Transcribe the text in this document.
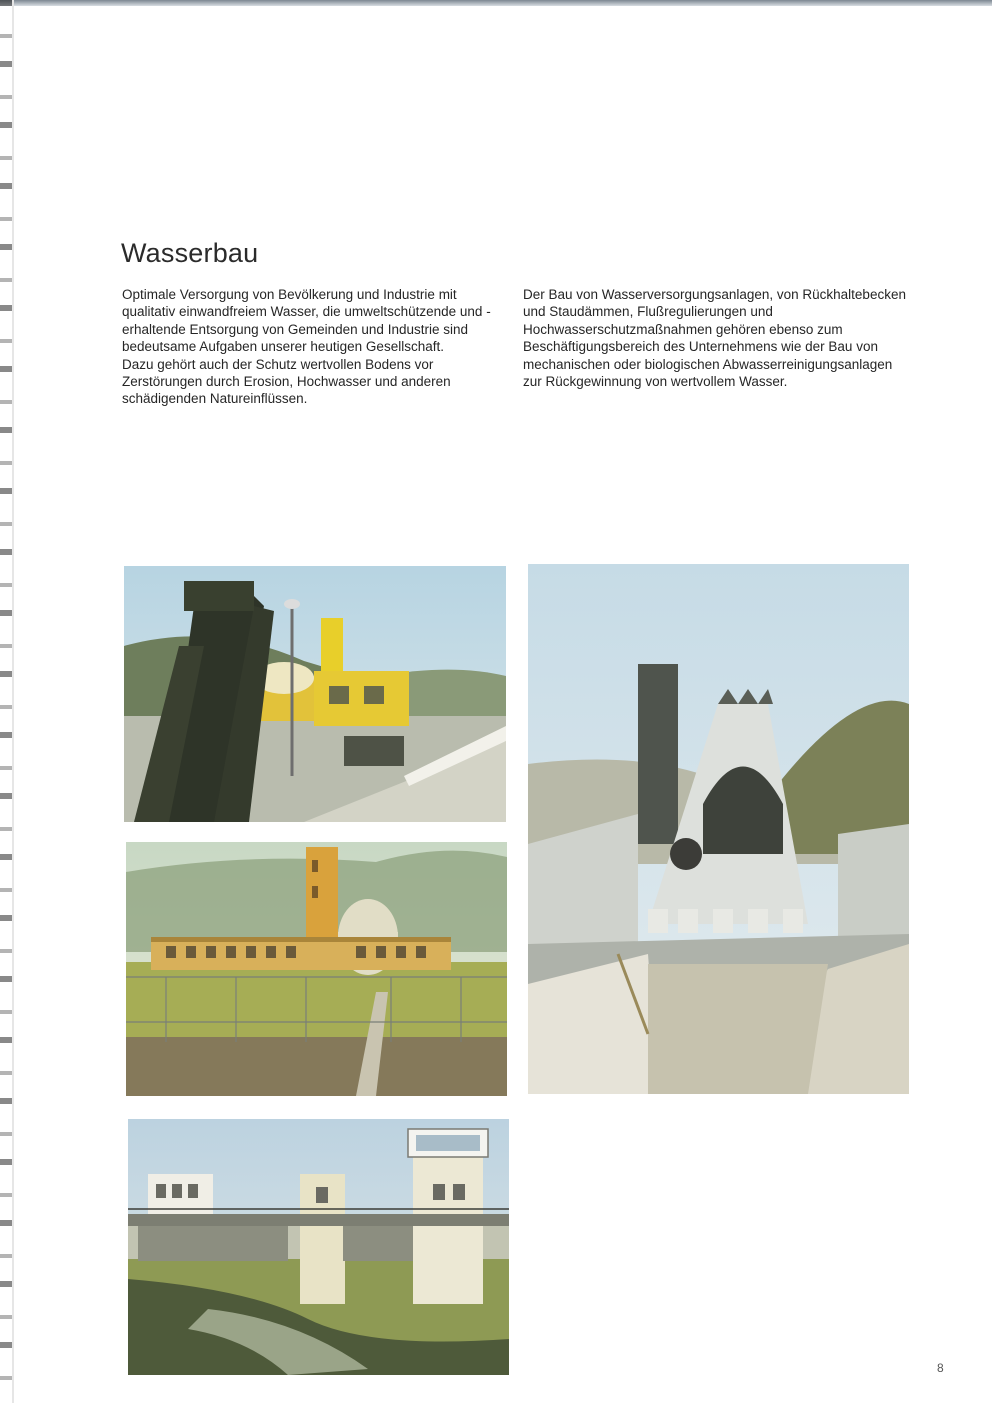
Wasserbau

Optimale Versorgung von Bevölkerung und Industrie mit qualitativ einwandfreiem Wasser, die umweltschützende und -erhaltende Entsorgung von Gemeinden und Industrie sind bedeutsame Aufgaben unserer heutigen Gesellschaft.

Dazu gehört auch der Schutz wertvollen Bodens vor Zerstörungen durch Erosion, Hochwasser und anderen schädigenden Natureinflüssen.

Der Bau von Wasserversorgungsanlagen, von Rückhaltebecken und Staudämmen, Flußregulierungen und Hochwasserschutzmaßnahmen gehören ebenso zum Beschäftigungsbereich des Unternehmens wie der Bau von mechanischen oder biologischen Abwasserreinigungsanlagen zur Rückgewinnung von wertvollem Wasser.

8
